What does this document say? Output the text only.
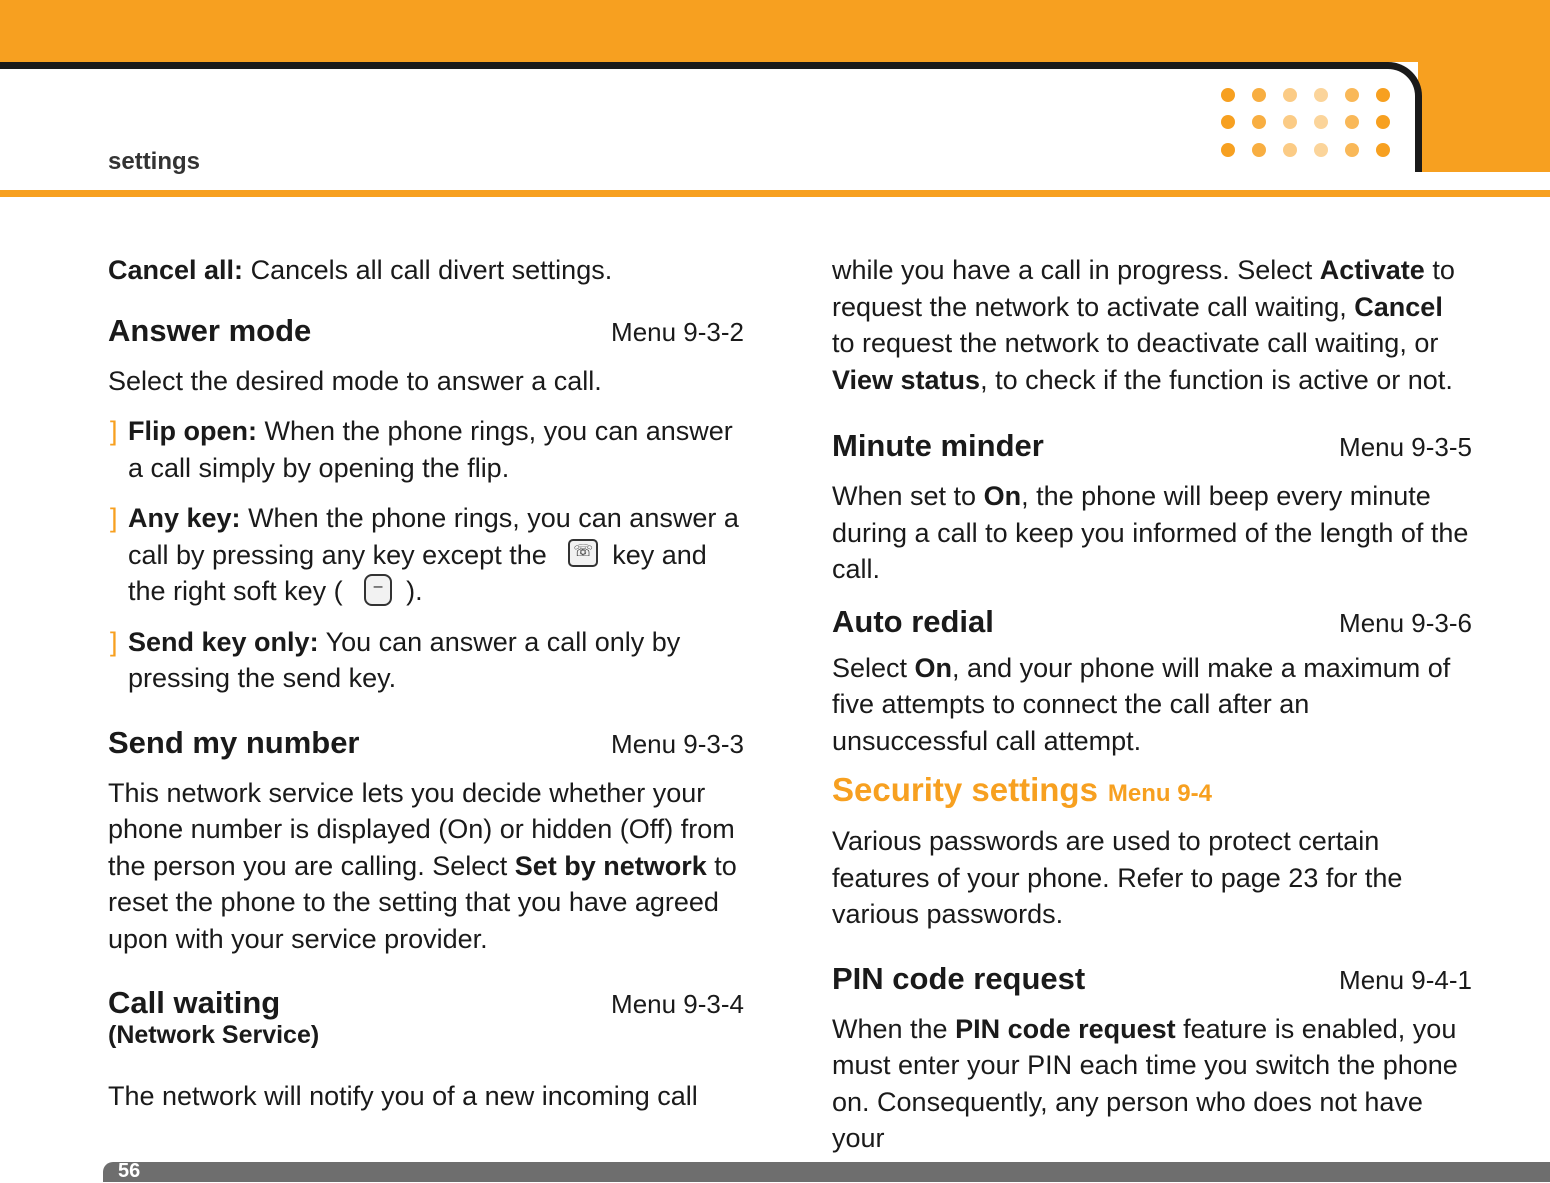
settings

Cancel all: Cancels all call divert settings.

Answer mode	Menu 9-3-2

Select the desired mode to answer a call.

] Flip open: When the phone rings, you can answer a call simply by opening the flip.

] Any key: When the phone rings, you can answer a call by pressing any key except the ☏ key and the right soft key ( – ).

] Send key only: You can answer a call only by pressing the send key.

Send my number	Menu 9-3-3

This network service lets you decide whether your phone number is displayed (On) or hidden (Off) from the person you are calling. Select Set by network to reset the phone to the setting that you have agreed upon with your service provider.

Call waiting

(Network Service)

Menu 9-3-4

The network will notify you of a new incoming call

while you have a call in progress. Select Activate to request the network to activate call waiting, Cancel to request the network to deactivate call waiting, or View status, to check if the function is active or not.

Minute minder	Menu 9-3-5

When set to On, the phone will beep every minute during a call to keep you informed of the length of the call.

Auto redial	Menu 9-3-6

Select On, and your phone will make a maximum of five attempts to connect the call after an unsuccessful call attempt.

Security settings Menu 9-4

Various passwords are used to protect certain features of your phone. Refer to page 23 for the various passwords.

PIN code request	Menu 9-4-1

When the PIN code request feature is enabled, you must enter your PIN each time you switch the phone on. Consequently, any person who does not have your

56
